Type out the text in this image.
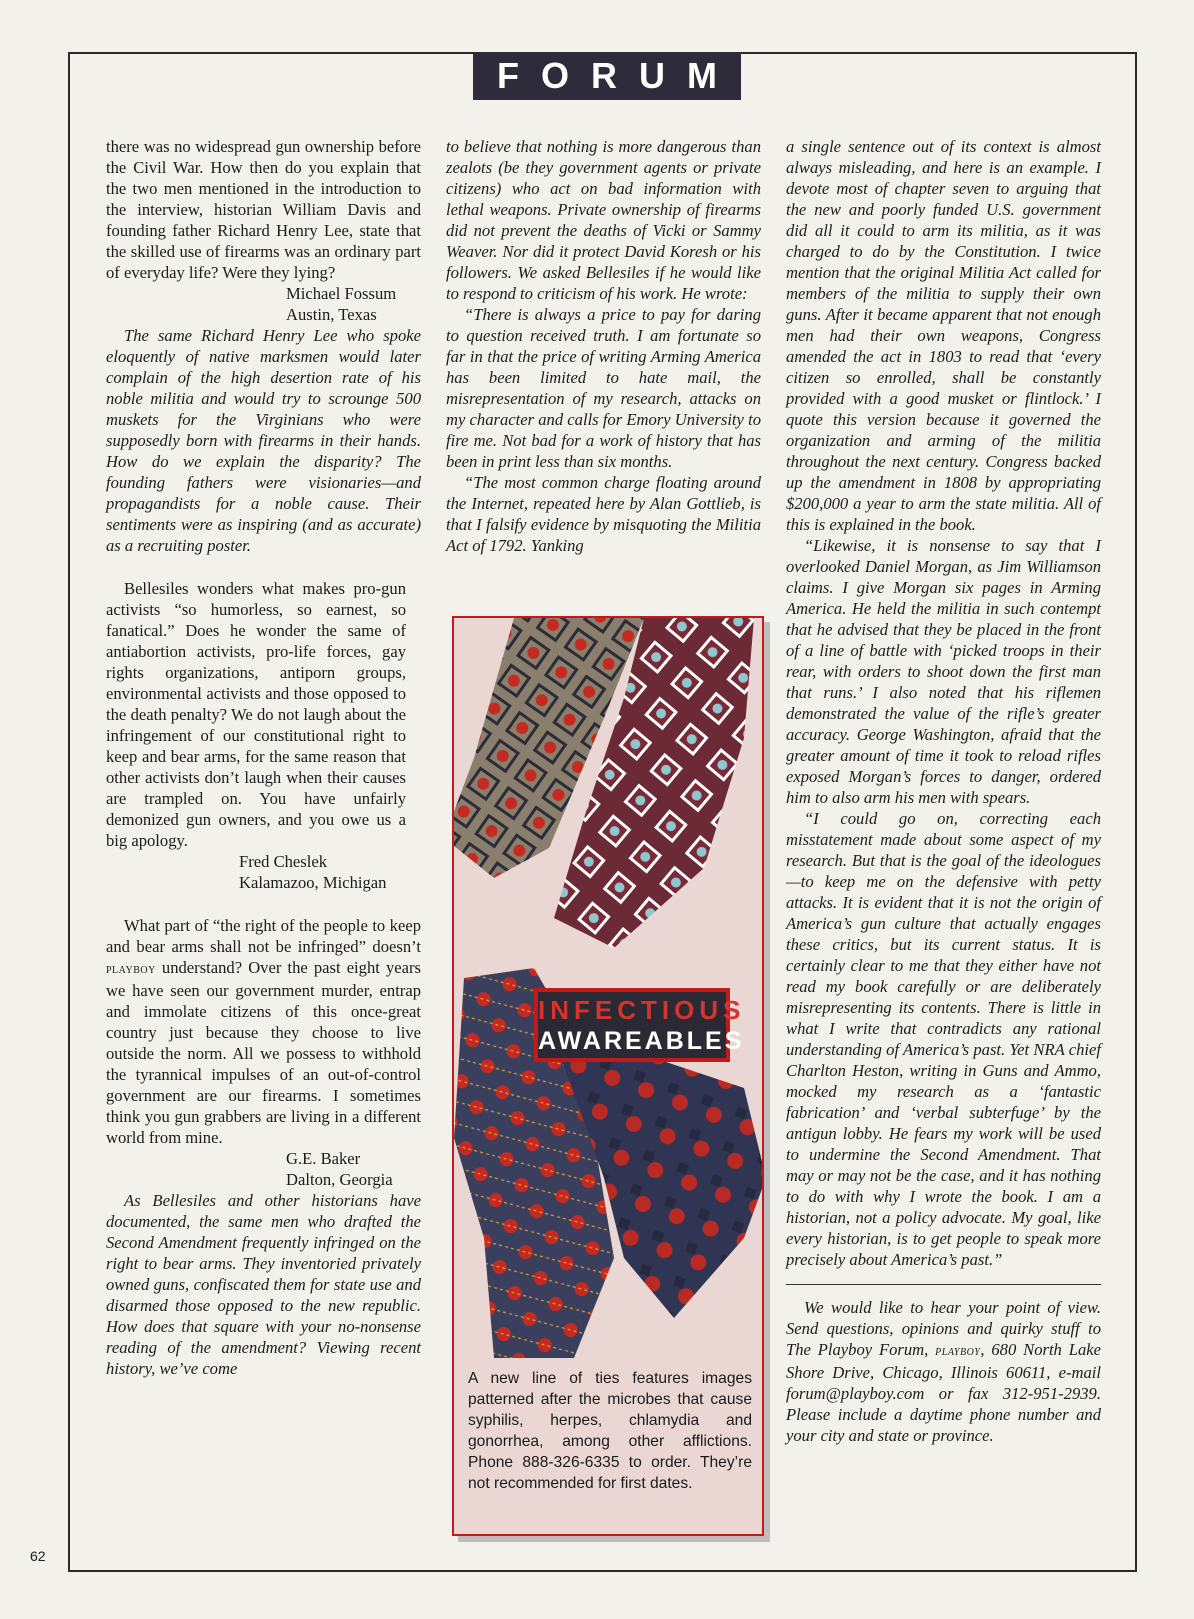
FORUM

there was no widespread gun ownership before the Civil War. How then do you explain that the two men mentioned in the introduction to the interview, historian William Davis and founding father Richard Henry Lee, state that the skilled use of firearms was an ordinary part of everyday life? Were they lying?

Michael Fossum

Austin, Texas

The same Richard Henry Lee who spoke eloquently of native marksmen would later complain of the high desertion rate of his noble militia and would try to scrounge 500 muskets for the Virginians who were supposedly born with firearms in their hands. How do we explain the disparity? The founding fathers were visionaries—and propagandists for a noble cause. Their sentiments were as inspiring (and as accurate) as a recruiting poster.

Bellesiles wonders what makes pro-gun activists “so humorless, so earnest, so fanatical.” Does he wonder the same of antiabortion activists, pro-life forces, gay rights organizations, antiporn groups, environmental activists and those opposed to the death penalty? We do not laugh about the infringement of our constitutional right to keep and bear arms, for the same reason that other activists don’t laugh when their causes are trampled on. You have unfairly demonized gun owners, and you owe us a big apology.

Fred Cheslek

Kalamazoo, Michigan

What part of “the right of the people to keep and bear arms shall not be infringed” doesn’t playboy understand? Over the past eight years we have seen our government murder, entrap and immolate citizens of this once-great country just because they choose to live outside the norm. All we possess to withhold the tyrannical impulses of an out-of-control government are our firearms. I sometimes think you gun grabbers are living in a different world from mine.

G.E. Baker

Dalton, Georgia

As Bellesiles and other historians have documented, the same men who drafted the Second Amendment frequently infringed on the right to bear arms. They inventoried privately owned guns, confiscated them for state use and disarmed those opposed to the new republic. How does that square with your no-nonsense reading of the amendment? Viewing recent history, we’ve come

to believe that nothing is more dangerous than zealots (be they government agents or private citizens) who act on bad information with lethal weapons. Private ownership of firearms did not prevent the deaths of Vicki or Sammy Weaver. Nor did it protect David Koresh or his followers. We asked Bellesiles if he would like to respond to criticism of his work. He wrote:

“There is always a price to pay for daring to question received truth. I am fortunate so far in that the price of writing Arming America has been limited to hate mail, the misrepresentation of my research, attacks on my character and calls for Emory University to fire me. Not bad for a work of history that has been in print less than six months.

“The most common charge floating around the Internet, repeated here by Alan Gottlieb, is that I falsify evidence by misquoting the Militia Act of 1792. Yanking

a single sentence out of its context is almost always misleading, and here is an example. I devote most of chapter seven to arguing that the new and poorly funded U.S. government did all it could to arm its militia, as it was charged to do by the Constitution. I twice mention that the original Militia Act called for members of the militia to supply their own guns. After it became apparent that not enough men had their own weapons, Congress amended the act in 1803 to read that ‘every citizen so enrolled, shall be constantly provided with a good musket or flintlock.’ I quote this version because it governed the organization and arming of the militia throughout the next century. Congress backed up the amendment in 1808 by appropriating $200,000 a year to arm the state militia. All of this is explained in the book.

“Likewise, it is nonsense to say that I overlooked Daniel Morgan, as Jim Williamson claims. I give Morgan six pages in Arming America. He held the militia in such contempt that he advised that they be placed in the front of a line of battle with ‘picked troops in their rear, with orders to shoot down the first man that runs.’ I also noted that his riflemen demonstrated the value of the rifle’s greater accuracy. George Washington, afraid that the greater amount of time it took to reload rifles exposed Morgan’s forces to danger, ordered him to also arm his men with spears.

“I could go on, correcting each misstatement made about some aspect of my research. But that is the goal of the ideologues—to keep me on the defensive with petty attacks. It is evident that it is not the origin of America’s gun culture that actually engages these critics, but its current status. It is certainly clear to me that they either have not read my book carefully or are deliberately misrepresenting its contents. There is little in what I write that contradicts any rational understanding of America’s past. Yet NRA chief Charlton Heston, writing in Guns and Ammo, mocked my research as a ‘fantastic fabrication’ and ‘verbal subterfuge’ by the antigun lobby. He fears my work will be used to undermine the Second Amendment. That may or may not be the case, and it has nothing to do with why I wrote the book. I am a historian, not a policy advocate. My goal, like every historian, is to get people to speak more precisely about America’s past.”

We would like to hear your point of view. Send questions, opinions and quirky stuff to The Playboy Forum, playboy, 680 North Lake Shore Drive, Chicago, Illinois 60611, e-mail forum@playboy.com or fax 312-951-2939. Please include a daytime phone number and your city and state or province.

INFECTIOUS
AWAREABLES
A new line of ties features images patterned after the microbes that cause syphilis, herpes, chlamydia and gonorrhea, among other afflictions. Phone 888-326-6335 to order. They’re not recommended for first dates.
62
